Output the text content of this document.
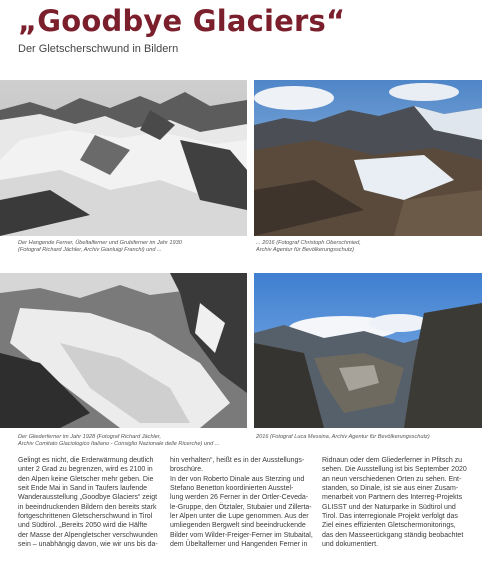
„Goodbye Glaciers“
Der Gletscherschwund in Bildern
Der Hangende Ferner, Übeltalferner und Grubiferner im Jahr 1930
(Fotograf Richard Jächler, Archiv Gianluigi Franchi) und ...
... 2016 (Fotograf Christoph Oberschmied,
Archiv Agentur für Bevölkerungsschutz)
Der Gliederferner im Jahr 1928 (Fotograf Richard Jächler,
Archiv Comitato Glaciologico Italiano - Consiglio Nazionale delle Ricerche) und ...
2016 (Fotograf Luca Messina, Archiv Agentur für Bevölkerungsschutz)
Gelingt es nicht, die Erderwärmung deutlich
unter 2 Grad zu begrenzen, wird es 2100 in
den Alpen keine Gletscher mehr geben. Die
seit Ende Mai in Sand in Taufers laufende
Wanderausstellung „Goodbye Glaciers“ zeigt
in beeindruckenden Bildern den bereits stark
fortgeschrittenen Gletscherschwund in Tirol
und Südtirol. „Bereits 2050 wird die Hälfte
der Masse der Alpengletscher verschwunden
sein – unabhängig davon, wie wir uns bis da-
hin verhalten“, heißt es in der Ausstellungs-
broschüre.
In der von Roberto Dinale aus Sterzing und
Stefano Benetton koordinierten Ausstel-
lung werden 26 Ferner in der Ortler-Ceveda-
le-Gruppe, den Ötztaler, Stubaier und Zillerta-
ler Alpen unter die Lupe genommen. Aus der
umliegenden Bergwelt sind beeindruckende
Bilder vom Wilder-Freiger-Ferner im Stubaital,
dem Übeltalferner und Hangenden Ferner in
Ridnaun oder dem Gliederferner in Pfitsch zu
sehen. Die Ausstellung ist bis September 2020
an neun verschiedenen Orten zu sehen. Ent-
standen, so Dinale, ist sie aus einer Zusam-
menarbeit von Partnern des Interreg-Projekts
GLISST und der Naturparke in Südtirol und
Tirol. Das interregionale Projekt verfolgt das
Ziel eines effizienten Gletschermonitorings,
das den Masseerückgang ständig beobachtet
und dokumentiert.
